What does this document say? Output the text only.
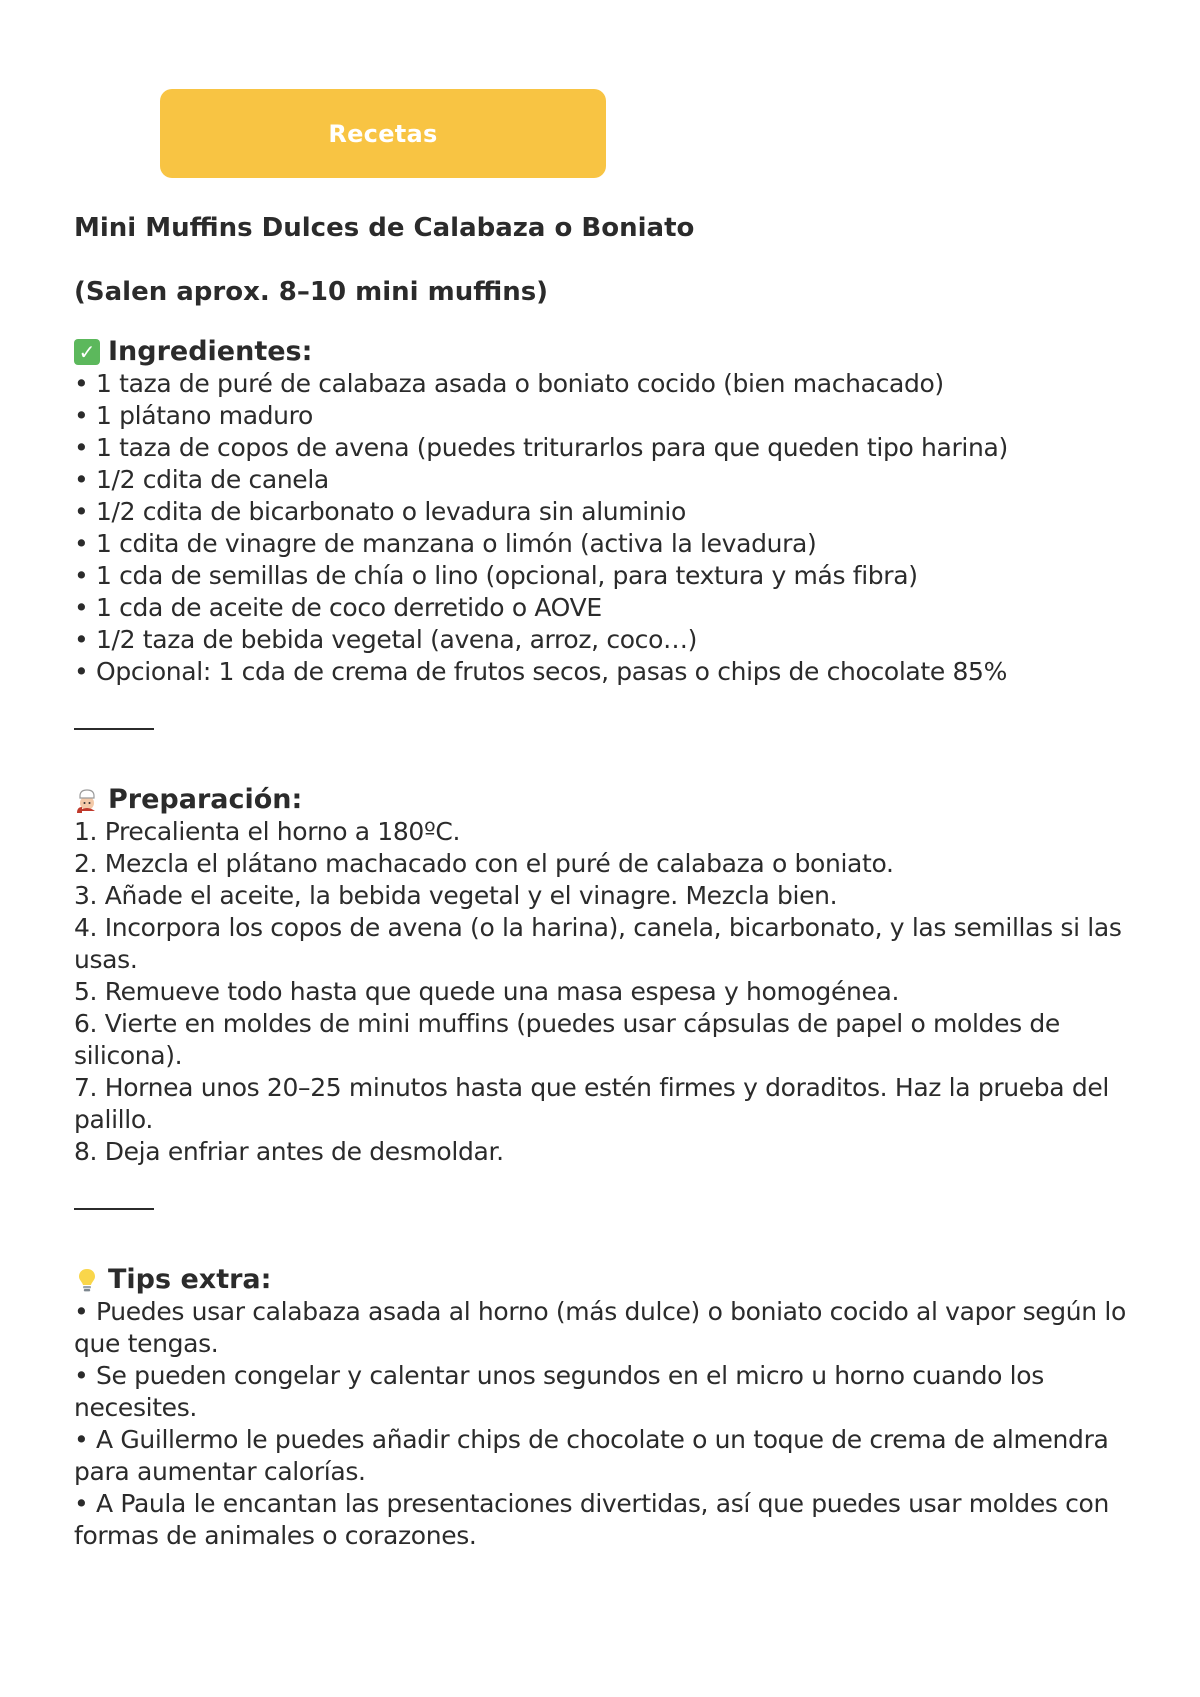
Recetas
Mini Muffins Dulces de Calabaza o Boniato
(Salen aprox. 8–10 mini muffins)
✓ Ingredientes:
• 1 taza de puré de calabaza asada o boniato cocido (bien machacado)
• 1 plátano maduro
• 1 taza de copos de avena (puedes triturarlos para que queden tipo harina)
• 1/2 cdita de canela
• 1/2 cdita de bicarbonato o levadura sin aluminio
• 1 cdita de vinagre de manzana o limón (activa la levadura)
• 1 cda de semillas de chía o lino (opcional, para textura y más fibra)
• 1 cda de aceite de coco derretido o AOVE
• 1/2 taza de bebida vegetal (avena, arroz, coco…)
• Opcional: 1 cda de crema de frutos secos, pasas o chips de chocolate 85%
Preparación:
1. Precalienta el horno a 180ºC.
2. Mezcla el plátano machacado con el puré de calabaza o boniato.
3. Añade el aceite, la bebida vegetal y el vinagre. Mezcla bien.
4. Incorpora los copos de avena (o la harina), canela, bicarbonato, y las semillas si las usas.
5. Remueve todo hasta que quede una masa espesa y homogénea.
6. Vierte en moldes de mini muffins (puedes usar cápsulas de papel o moldes de silicona).
7. Hornea unos 20–25 minutos hasta que estén firmes y doraditos. Haz la prueba del palillo.
8. Deja enfriar antes de desmoldar.
Tips extra:
• Puedes usar calabaza asada al horno (más dulce) o boniato cocido al vapor según lo que tengas.
• Se pueden congelar y calentar unos segundos en el micro u horno cuando los necesites.
• A Guillermo le puedes añadir chips de chocolate o un toque de crema de almendra para aumentar calorías.
• A Paula le encantan las presentaciones divertidas, así que puedes usar moldes con formas de animales o corazones.
